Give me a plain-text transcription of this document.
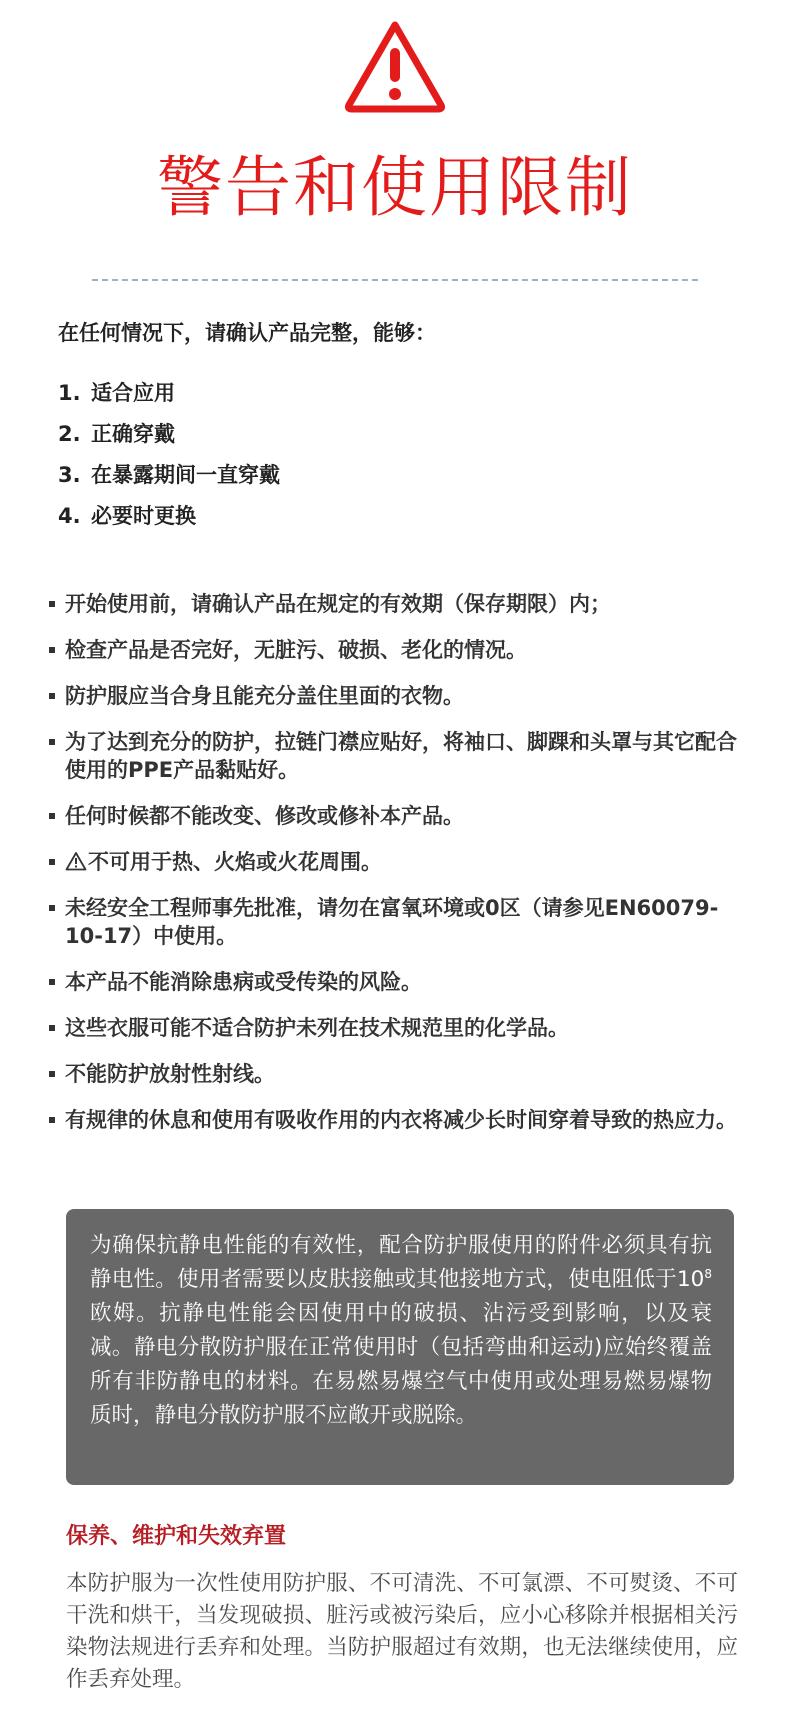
警告和使用限制
在任何情况下，请确认产品完整，能够：
1. 适合应用
2. 正确穿戴
3. 在暴露期间一直穿戴
4. 必要时更换
开始使用前，请确认产品在规定的有效期（保存期限）内；
检查产品是否完好，无脏污、破损、老化的情况。
防护服应当合身且能充分盖住里面的衣物。
为了达到充分的防护，拉链门襟应贴好，将袖口、脚踝和头罩与其它配合使用的PPE产品黏贴好。
任何时候都不能改变、修改或修补本产品。
不可用于热、火焰或火花周围。
未经安全工程师事先批准，请勿在富氧环境或0区（请参见EN60079-10-17）中使用。
本产品不能消除患病或受传染的风险。
这些衣服可能不适合防护未列在技术规范里的化学品。
不能防护放射性射线。
有规律的休息和使用有吸收作用的内衣将减少长时间穿着导致的热应力。
为确保抗静电性能的有效性，配合防护服使用的附件必须具有抗静电性。使用者需要以皮肤接触或其他接地方式，使电阻低于$10^8$欧姆。抗静电性能会因使用中的破损、沾污受到影响，以及衰减。静电分散防护服在正常使用时（包括弯曲和运动)应始终覆盖所有非防静电的材料。在易燃易爆空气中使用或处理易燃易爆物质时，静电分散防护服不应敞开或脱除。
保养、维护和失效弃置
本防护服为一次性使用防护服、不可清洗、不可氯漂、不可熨烫、不可干洗和烘干，当发现破损、脏污或被污染后，应小心移除并根据相关污染物法规进行丢弃和处理。当防护服超过有效期，也无法继续使用，应作丢弃处理。
